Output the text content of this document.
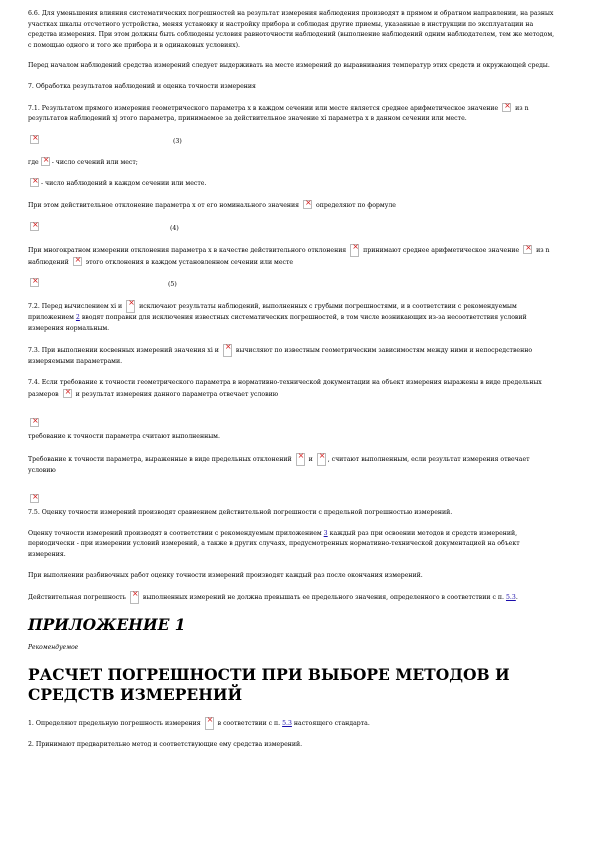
6.6. Для уменьшения влияния систематических погрешностей на результат измерения наблюдения производят в прямом и обратном направлении, на разных участках шкалы отсчетного устройства, меняя установку и настройку прибора и соблюдая другие приемы, указанные в инструкции по эксплуатации на средства измерения. При этом должны быть соблюдены условия равноточности наблюдений (выполнение наблюдений одним наблюдателем, тем же методом, с помощью одного и того же прибора и в одинаковых условиях).

Перед началом наблюдений средства измерений следует выдерживать на месте измерений до выравнивания температур этих средств и окружающей среды.

7. Обработка результатов наблюдений и оценка точности измерения

7.1. Результатом прямого измерения геометрического параметра х в каждом сечении или месте является среднее арифметическое значение ×	из n результатов наблюдений хj этого параметра, принимаемое за действительное значение хi параметра х в данном сечении или месте.

×
(3)

где × - число сечений или мест;

×- число наблюдений в каждом сечении или месте.

При этом действительное отклонение параметра х от его номинального значения ×	определяют по формуле

×
(4)

При многократном измерении отклонения параметра х в качестве действительного отклонения ×	принимают среднее арифметическое значение ×	из n наблюдений ×	этого отклонения в каждом установленном сечении или месте

×
(5)

7.2. Перед вычислением хi и ×	исключают результаты наблюдений, выполненных с грубыми погрешностями, и в соответствии с рекомендуемым приложением 2 вводят поправки для исключения известных систематических погрешностей, в том числе возникающих из-за несоответствия условий измерения нормальным.

7.3. При выполнении косвенных измерений значения хi и ×	вычисляют по известным геометрическим зависимостям между ними и непосредственно измеряемыми параметрами.

7.4. Если требование к точности геометрического параметра в нормативно-технической документации на объект измерения выражены в виде предельных размеров ×	и результат измерения данного параметра отвечает условию

×

требование к точности параметра считают выполненным.

Требование к точности параметра, выраженные в виде предельных отклонений ×	и × , считают выполненным, если результат измерения отвечает условию

×

7.5. Оценку точности измерений производят сравнением действительной погрешности с предельной погрешностью измерений.

Оценку точности измерений производят в соответствии с рекомендуемым приложением 3 каждый раз при освоении методов и средств измерений, периодически - при измерении условий измерений, а также в других случаях, предусмотренных нормативно-технической документацией на объект измерения.

При выполнении разбивочных работ оценку точности измерений производят каждый раз после окончания измерений.

Действительная погрешность ×	выполненных измерений не должна превышать ее предельного значения, определенного в соответствии с п. 5.3.

ПРИЛОЖЕНИЕ 1
Рекомендуемое
РАСЧЕТ ПОГРЕШНОСТИ ПРИ ВЫБОРЕ МЕТОДОВ И СРЕДСТВ ИЗМЕРЕНИЙ

1. Определяют предельную погрешность измерения ×	в соответствии с п. 5.3 настоящего стандарта.

2. Принимают предварительно метод и соответствующие ему средства измерений.
